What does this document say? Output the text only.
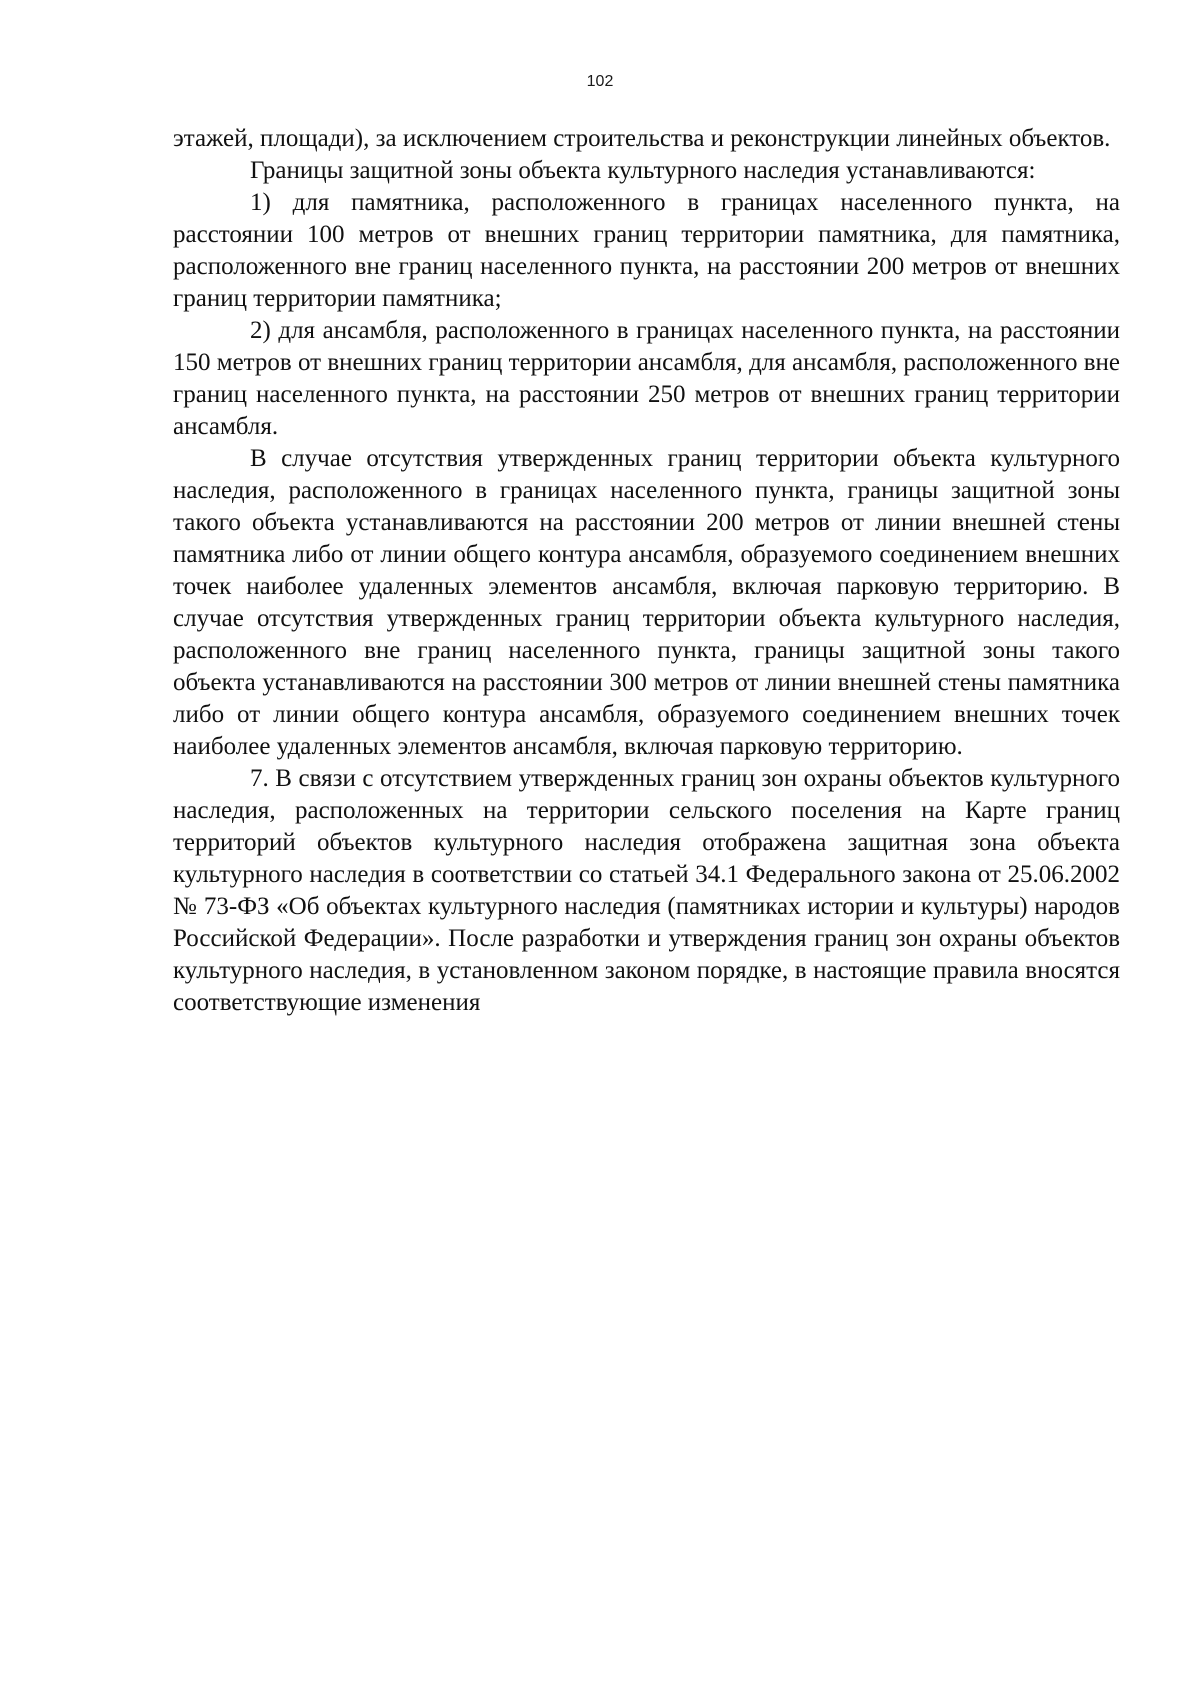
102

этажей, площади), за исключением строительства и реконструкции линейных объектов.

Границы защитной зоны объекта культурного наследия устанавливаются:

1) для памятника, расположенного в границах населенного пункта, на расстоянии 100 метров от внешних границ территории памятника, для памятника, расположенного вне границ населенного пункта, на расстоянии 200 метров от внешних границ территории памятника;

2) для ансамбля, расположенного в границах населенного пункта, на расстоянии 150 метров от внешних границ территории ансамбля, для ансамбля, расположенного вне границ населенного пункта, на расстоянии 250 метров от внешних границ территории ансамбля.

В случае отсутствия утвержденных границ территории объекта культурного наследия, расположенного в границах населенного пункта, границы защитной зоны такого объекта устанавливаются на расстоянии 200 метров от линии внешней стены памятника либо от линии общего контура ансамбля, образуемого соединением внешних точек наиболее удаленных элементов ансамбля, включая парковую территорию. В случае отсутствия утвержденных границ территории объекта культурного наследия, расположенного вне границ населенного пункта, границы защитной зоны такого объекта устанавливаются на расстоянии 300 метров от линии внешней стены памятника либо от линии общего контура ансамбля, образуемого соединением внешних точек наиболее удаленных элементов ансамбля, включая парковую территорию.

7. В связи с отсутствием утвержденных границ зон охраны объектов культурного наследия, расположенных на территории сельского поселения на Карте границ территорий объектов культурного наследия отображена защитная зона объекта культурного наследия в соответствии со статьей 34.1 Федерального закона от 25.06.2002 № 73-ФЗ «Об объектах культурного наследия (памятниках истории и культуры) народов Российской Федерации». После разработки и утверждения границ зон охраны объектов культурного наследия, в установленном законом порядке, в настоящие правила вносятся соответствующие изменения
